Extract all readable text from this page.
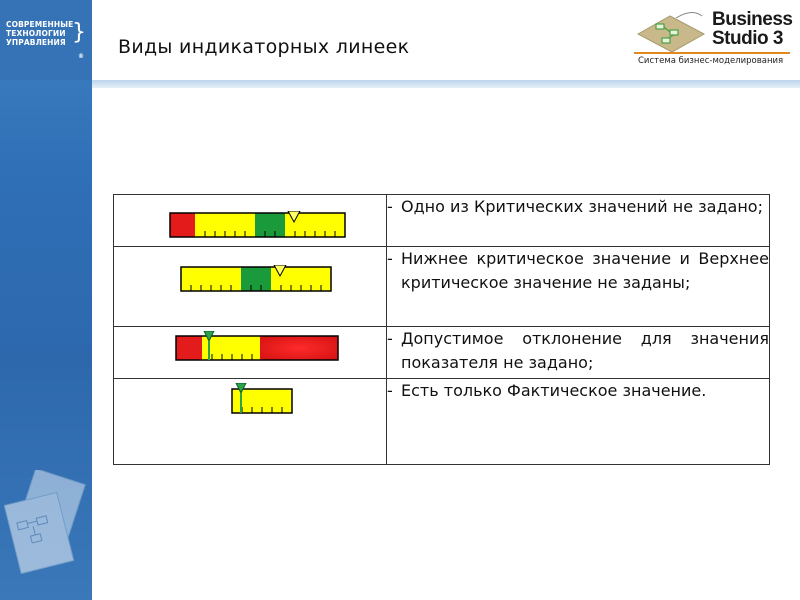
СОВРЕМЕННЫЕ
ТЕХНОЛОГИИ
УПРАВЛЕНИЯ }
® Виды индикаторных линеек
Business
Studio 3
Система бизнес-моделирования

- Одно из Критических значений не задано;

- Нижнее критическое значение и Верхнее критическое значение не заданы;

- Допустимое отклонение для значения показателя не задано;

- Есть только Фактическое значение.
